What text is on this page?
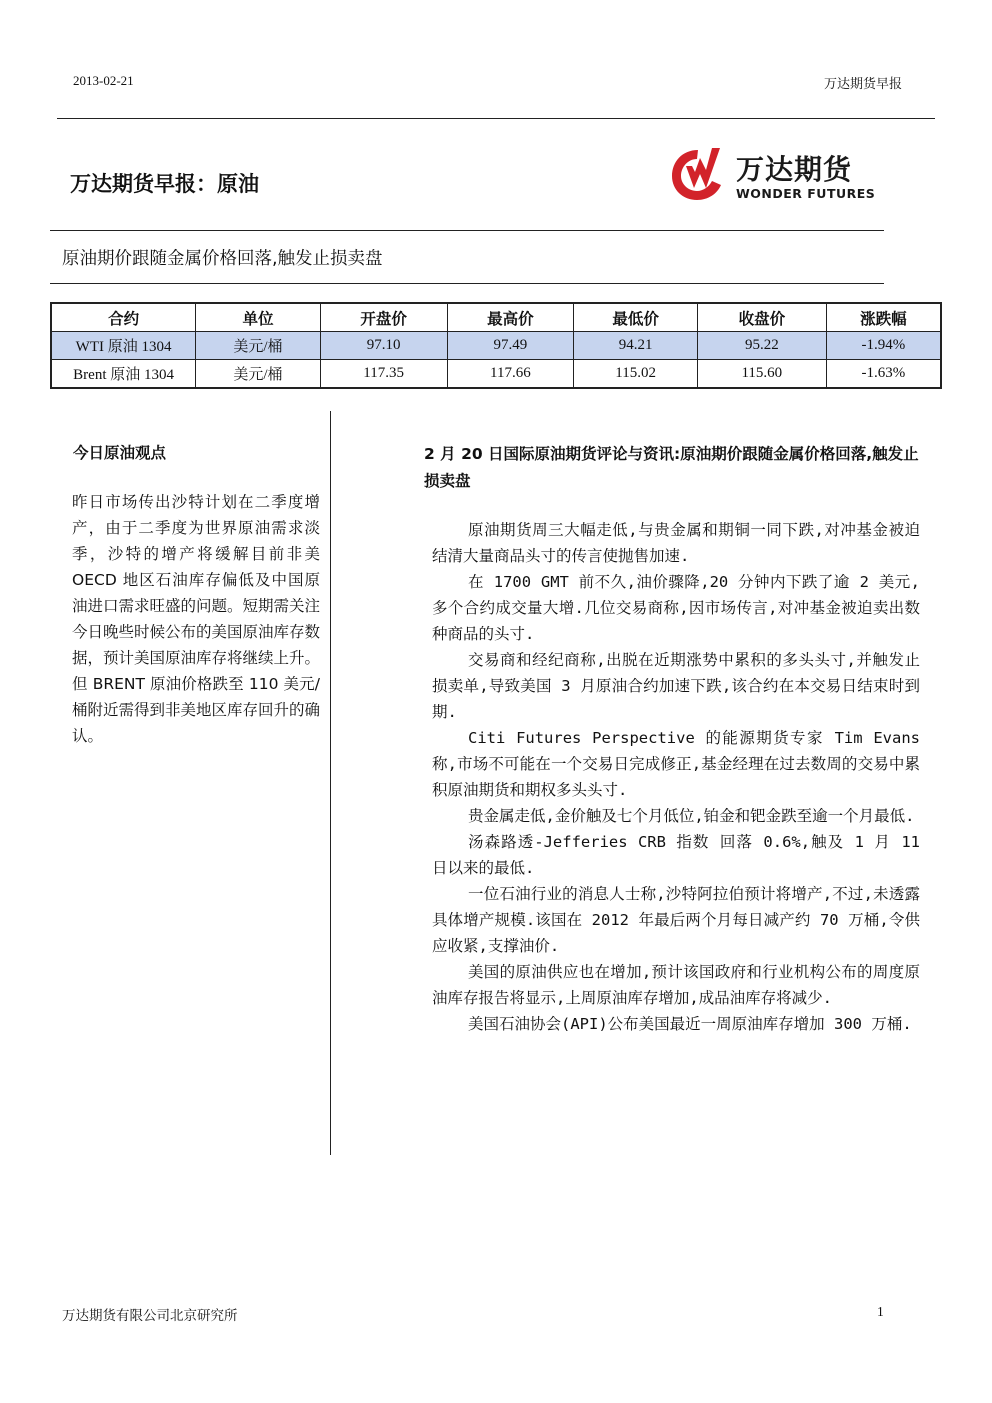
2013-02-21	万达期货早报
万达期货早报：原油	万达期货
WONDER FUTURES
原油期价跟随金属价格回落,触发止损卖盘
合约	单位	开盘价	最高价	最低价	收盘价	涨跌幅
WTI 原油 1304	美元/桶	97.10	97.49	94.21	95.22	-1.94%
Brent 原油 1304	美元/桶	117.35	117.66	115.02	115.60	-1.63%
今日原油观点
昨日市场传出沙特计划在二季度增产，由于二季度为世界原油需求淡季，沙特的增产将缓解目前非美 OECD 地区石油库存偏低及中国原油进口需求旺盛的问题。短期需关注今日晚些时候公布的美国原油库存数据，预计美国原油库存将继续上升。但 BRENT 原油价格跌至 110 美元/桶附近需得到非美地区库存回升的确认。
2 月 20 日国际原油期货评论与资讯:原油期价跟随金属价格回落,触发止损卖盘

原油期货周三大幅走低,与贵金属和期铜一同下跌,对冲基金被迫结清大量商品头寸的传言使抛售加速.

在 1700 GMT 前不久,油价骤降,20 分钟内下跌了逾 2 美元,多个合约成交量大增.几位交易商称,因市场传言,对冲基金被迫卖出数种商品的头寸.

交易商和经纪商称,出脱在近期涨势中累积的多头头寸,并触发止损卖单,导致美国 3 月原油合约加速下跌,该合约在本交易日结束时到期.

Citi Futures Perspective 的能源期货专家 Tim Evans 称,市场不可能在一个交易日完成修正,基金经理在过去数周的交易中累积原油期货和期权多头头寸.

贵金属走低,金价触及七个月低位,铂金和钯金跌至逾一个月最低.

汤森路透-Jefferies CRB 指数 回落 0.6%,触及 1 月 11 日以来的最低.

一位石油行业的消息人士称,沙特阿拉伯预计将增产,不过,未透露具体增产规模.该国在 2012 年最后两个月每日减产约 70 万桶,令供应收紧,支撑油价.

美国的原油供应也在增加,预计该国政府和行业机构公布的周度原油库存报告将显示,上周原油库存增加,成品油库存将减少.

美国石油协会(API)公布美国最近一周原油库存增加 300 万桶.

万达期货有限公司北京研究所	1
